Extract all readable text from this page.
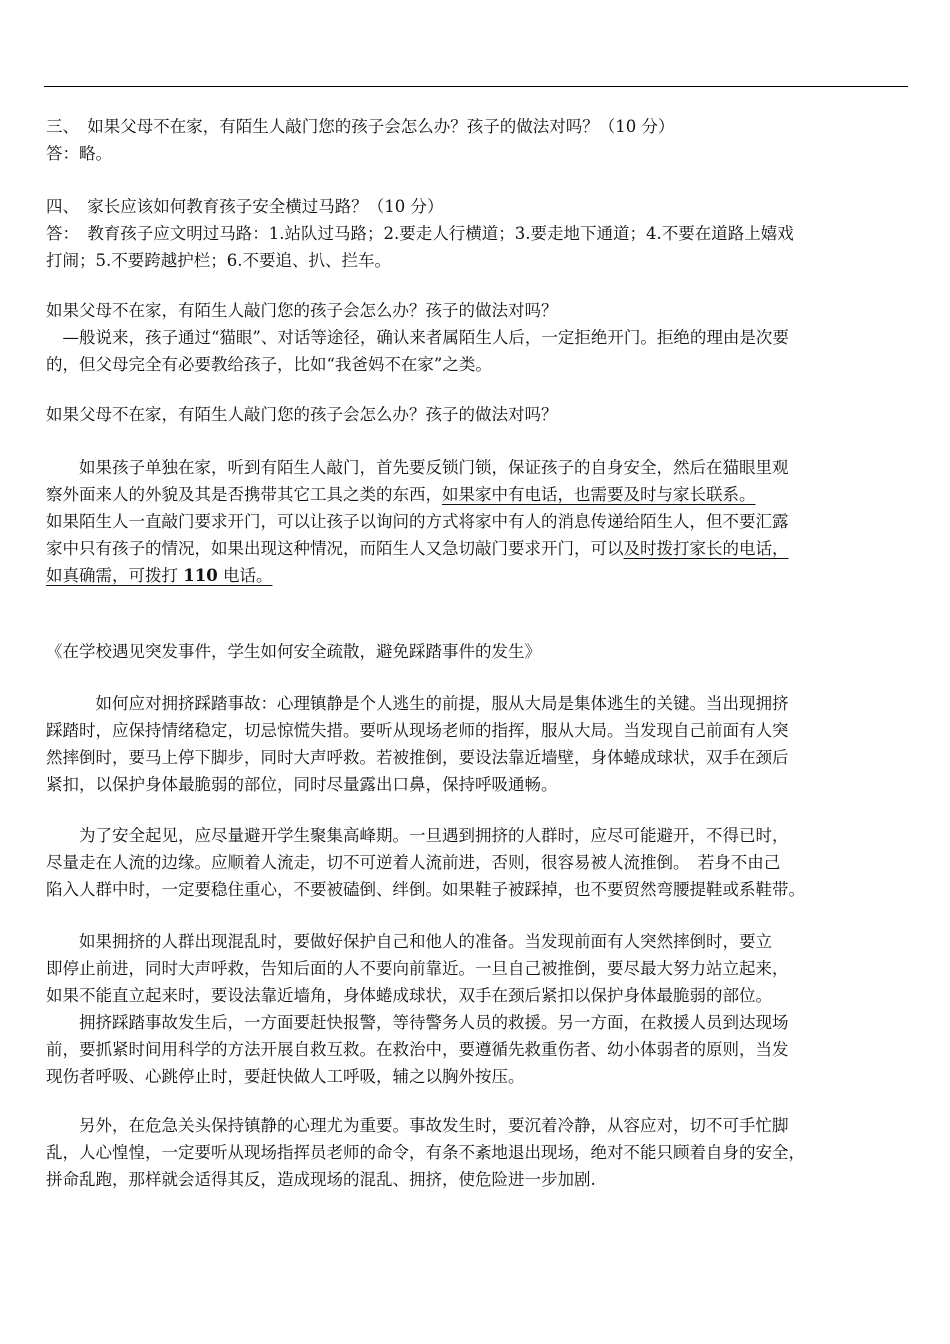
三、　如果父母不在家，有陌生人敲门您的孩子会怎么办？孩子的做法对吗？（10 分）
答：略。
四、　家长应该如何教育孩子安全横过马路？（10 分）
答：　教育孩子应文明过马路：1.站队过马路；2.要走人行横道；3.要走地下通道；4.不要在道路上嬉戏
打闹；5.不要跨越护栏；6.不要追、扒、拦车。
如果父母不在家，有陌生人敲门您的孩子会怎么办？孩子的做法对吗？
　—般说来，孩子通过“猫眼”、对话等途径，确认来者属陌生人后，一定拒绝开门。拒绝的理由是次要
的，但父母完全有必要教给孩子，比如“我爸妈不在家”之类。
如果父母不在家，有陌生人敲门您的孩子会怎么办？孩子的做法对吗？
　　如果孩子单独在家，听到有陌生人敲门，首先要反锁门锁，保证孩子的自身安全，然后在猫眼里观
察外面来人的外貌及其是否携带其它工具之类的东西，如果家中有电话，也需要及时与家长联系。
如果陌生人一直敲门要求开门，可以让孩子以询问的方式将家中有人的消息传递给陌生人，但不要汇露
家中只有孩子的情况，如果出现这种情况，而陌生人又急切敲门要求开门，可以及时拨打家长的电话，
如真确需，可拨打 110 电话。
《在学校遇见突发事件，学生如何安全疏散，避免踩踏事件的发生》
　　　如何应对拥挤踩踏事故：心理镇静是个人逃生的前提，服从大局是集体逃生的关键。当出现拥挤
踩踏时，应保持情绪稳定，切忌惊慌失措。要听从现场老师的指挥，服从大局。当发现自己前面有人突
然摔倒时，要马上停下脚步，同时大声呼救。若被推倒，要设法靠近墙壁，身体蜷成球状，双手在颈后
紧扣，以保护身体最脆弱的部位，同时尽量露出口鼻，保持呼吸通畅。
　　为了安全起见，应尽量避开学生聚集高峰期。一旦遇到拥挤的人群时，应尽可能避开，不得已时，
尽量走在人流的边缘。应顺着人流走，切不可逆着人流前进，否则，很容易被人流推倒。　若身不由己
陷入人群中时，一定要稳住重心，不要被磕倒、绊倒。如果鞋子被踩掉，也不要贸然弯腰提鞋或系鞋带。
　　如果拥挤的人群出现混乱时，要做好保护自己和他人的准备。当发现前面有人突然摔倒时，要立
即停止前进，同时大声呼救，告知后面的人不要向前靠近。一旦自己被推倒，要尽最大努力站立起来，
如果不能直立起来时，要设法靠近墙角，身体蜷成球状，双手在颈后紧扣以保护身体最脆弱的部位。
　　拥挤踩踏事故发生后，一方面要赶快报警，等待警务人员的救援。另一方面，在救援人员到达现场
前，要抓紧时间用科学的方法开展自救互救。在救治中，要遵循先救重伤者、幼小体弱者的原则，当发
现伤者呼吸、心跳停止时，要赶快做人工呼吸，辅之以胸外按压。
　　另外，在危急关头保持镇静的心理尤为重要。事故发生时，要沉着冷静，从容应对，切不可手忙脚
乱，人心惶惶，一定要听从现场指挥员老师的命令，有条不紊地退出现场，绝对不能只顾着自身的安全，
拼命乱跑，那样就会适得其反，造成现场的混乱、拥挤，使危险进一步加剧.
